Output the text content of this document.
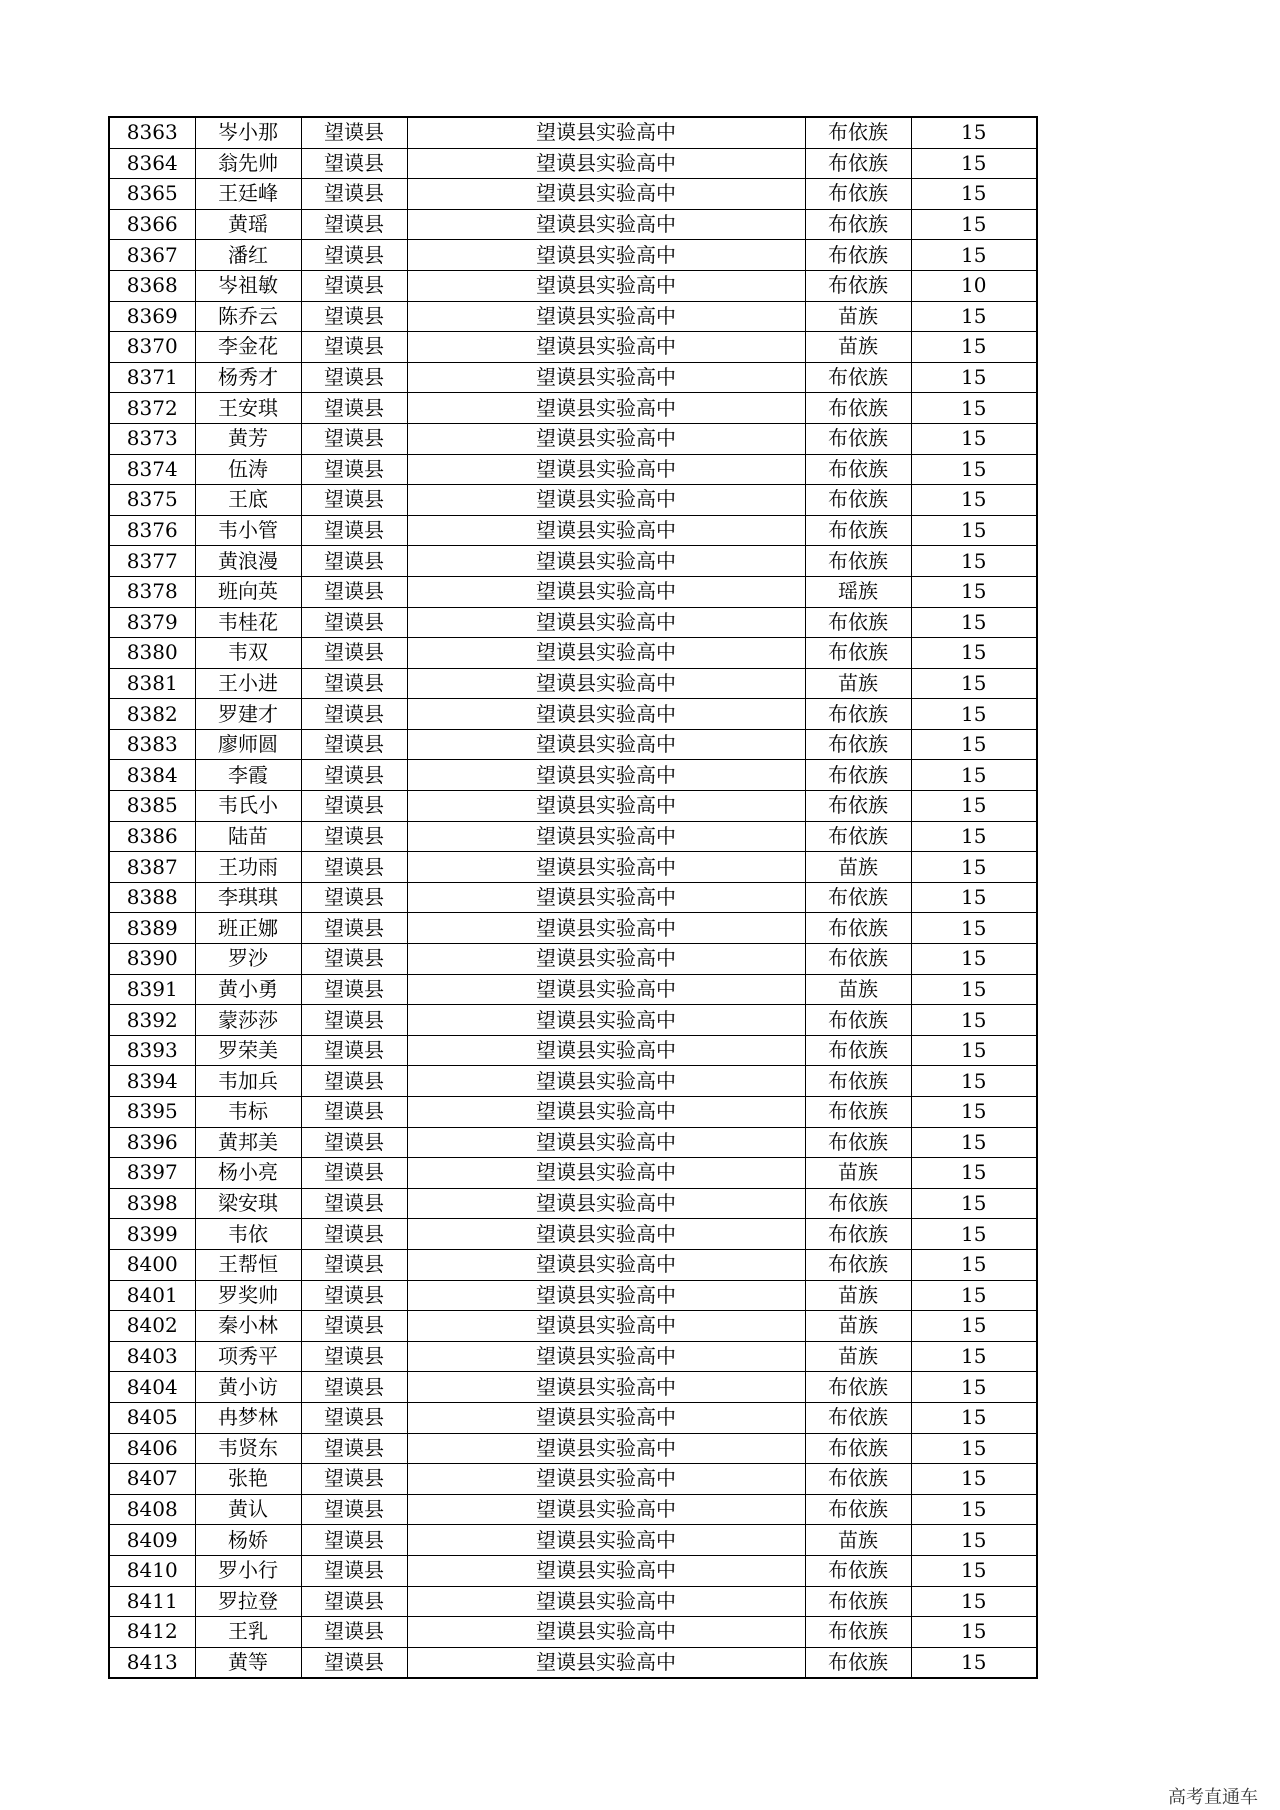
8363	岑小那	望谟县	望谟县实验高中	布依族	15
8364	翁先帅	望谟县	望谟县实验高中	布依族	15
8365	王廷峰	望谟县	望谟县实验高中	布依族	15
8366	黄瑶	望谟县	望谟县实验高中	布依族	15
8367	潘红	望谟县	望谟县实验高中	布依族	15
8368	岑祖敏	望谟县	望谟县实验高中	布依族	10
8369	陈乔云	望谟县	望谟县实验高中	苗族	15
8370	李金花	望谟县	望谟县实验高中	苗族	15
8371	杨秀才	望谟县	望谟县实验高中	布依族	15
8372	王安琪	望谟县	望谟县实验高中	布依族	15
8373	黄芳	望谟县	望谟县实验高中	布依族	15
8374	伍涛	望谟县	望谟县实验高中	布依族	15
8375	王底	望谟县	望谟县实验高中	布依族	15
8376	韦小管	望谟县	望谟县实验高中	布依族	15
8377	黄浪漫	望谟县	望谟县实验高中	布依族	15
8378	班向英	望谟县	望谟县实验高中	瑶族	15
8379	韦桂花	望谟县	望谟县实验高中	布依族	15
8380	韦双	望谟县	望谟县实验高中	布依族	15
8381	王小进	望谟县	望谟县实验高中	苗族	15
8382	罗建才	望谟县	望谟县实验高中	布依族	15
8383	廖师圆	望谟县	望谟县实验高中	布依族	15
8384	李霞	望谟县	望谟县实验高中	布依族	15
8385	韦氏小	望谟县	望谟县实验高中	布依族	15
8386	陆苗	望谟县	望谟县实验高中	布依族	15
8387	王功雨	望谟县	望谟县实验高中	苗族	15
8388	李琪琪	望谟县	望谟县实验高中	布依族	15
8389	班正娜	望谟县	望谟县实验高中	布依族	15
8390	罗沙	望谟县	望谟县实验高中	布依族	15
8391	黄小勇	望谟县	望谟县实验高中	苗族	15
8392	蒙莎莎	望谟县	望谟县实验高中	布依族	15
8393	罗荣美	望谟县	望谟县实验高中	布依族	15
8394	韦加兵	望谟县	望谟县实验高中	布依族	15
8395	韦标	望谟县	望谟县实验高中	布依族	15
8396	黄邦美	望谟县	望谟县实验高中	布依族	15
8397	杨小亮	望谟县	望谟县实验高中	苗族	15
8398	梁安琪	望谟县	望谟县实验高中	布依族	15
8399	韦依	望谟县	望谟县实验高中	布依族	15
8400	王帮恒	望谟县	望谟县实验高中	布依族	15
8401	罗奖帅	望谟县	望谟县实验高中	苗族	15
8402	秦小林	望谟县	望谟县实验高中	苗族	15
8403	项秀平	望谟县	望谟县实验高中	苗族	15
8404	黄小访	望谟县	望谟县实验高中	布依族	15
8405	冉梦林	望谟县	望谟县实验高中	布依族	15
8406	韦贤东	望谟县	望谟县实验高中	布依族	15
8407	张艳	望谟县	望谟县实验高中	布依族	15
8408	黄认	望谟县	望谟县实验高中	布依族	15
8409	杨娇	望谟县	望谟县实验高中	苗族	15
8410	罗小行	望谟县	望谟县实验高中	布依族	15
8411	罗拉登	望谟县	望谟县实验高中	布依族	15
8412	王乳	望谟县	望谟县实验高中	布依族	15
8413	黄等	望谟县	望谟县实验高中	布依族	15
高考直通车
